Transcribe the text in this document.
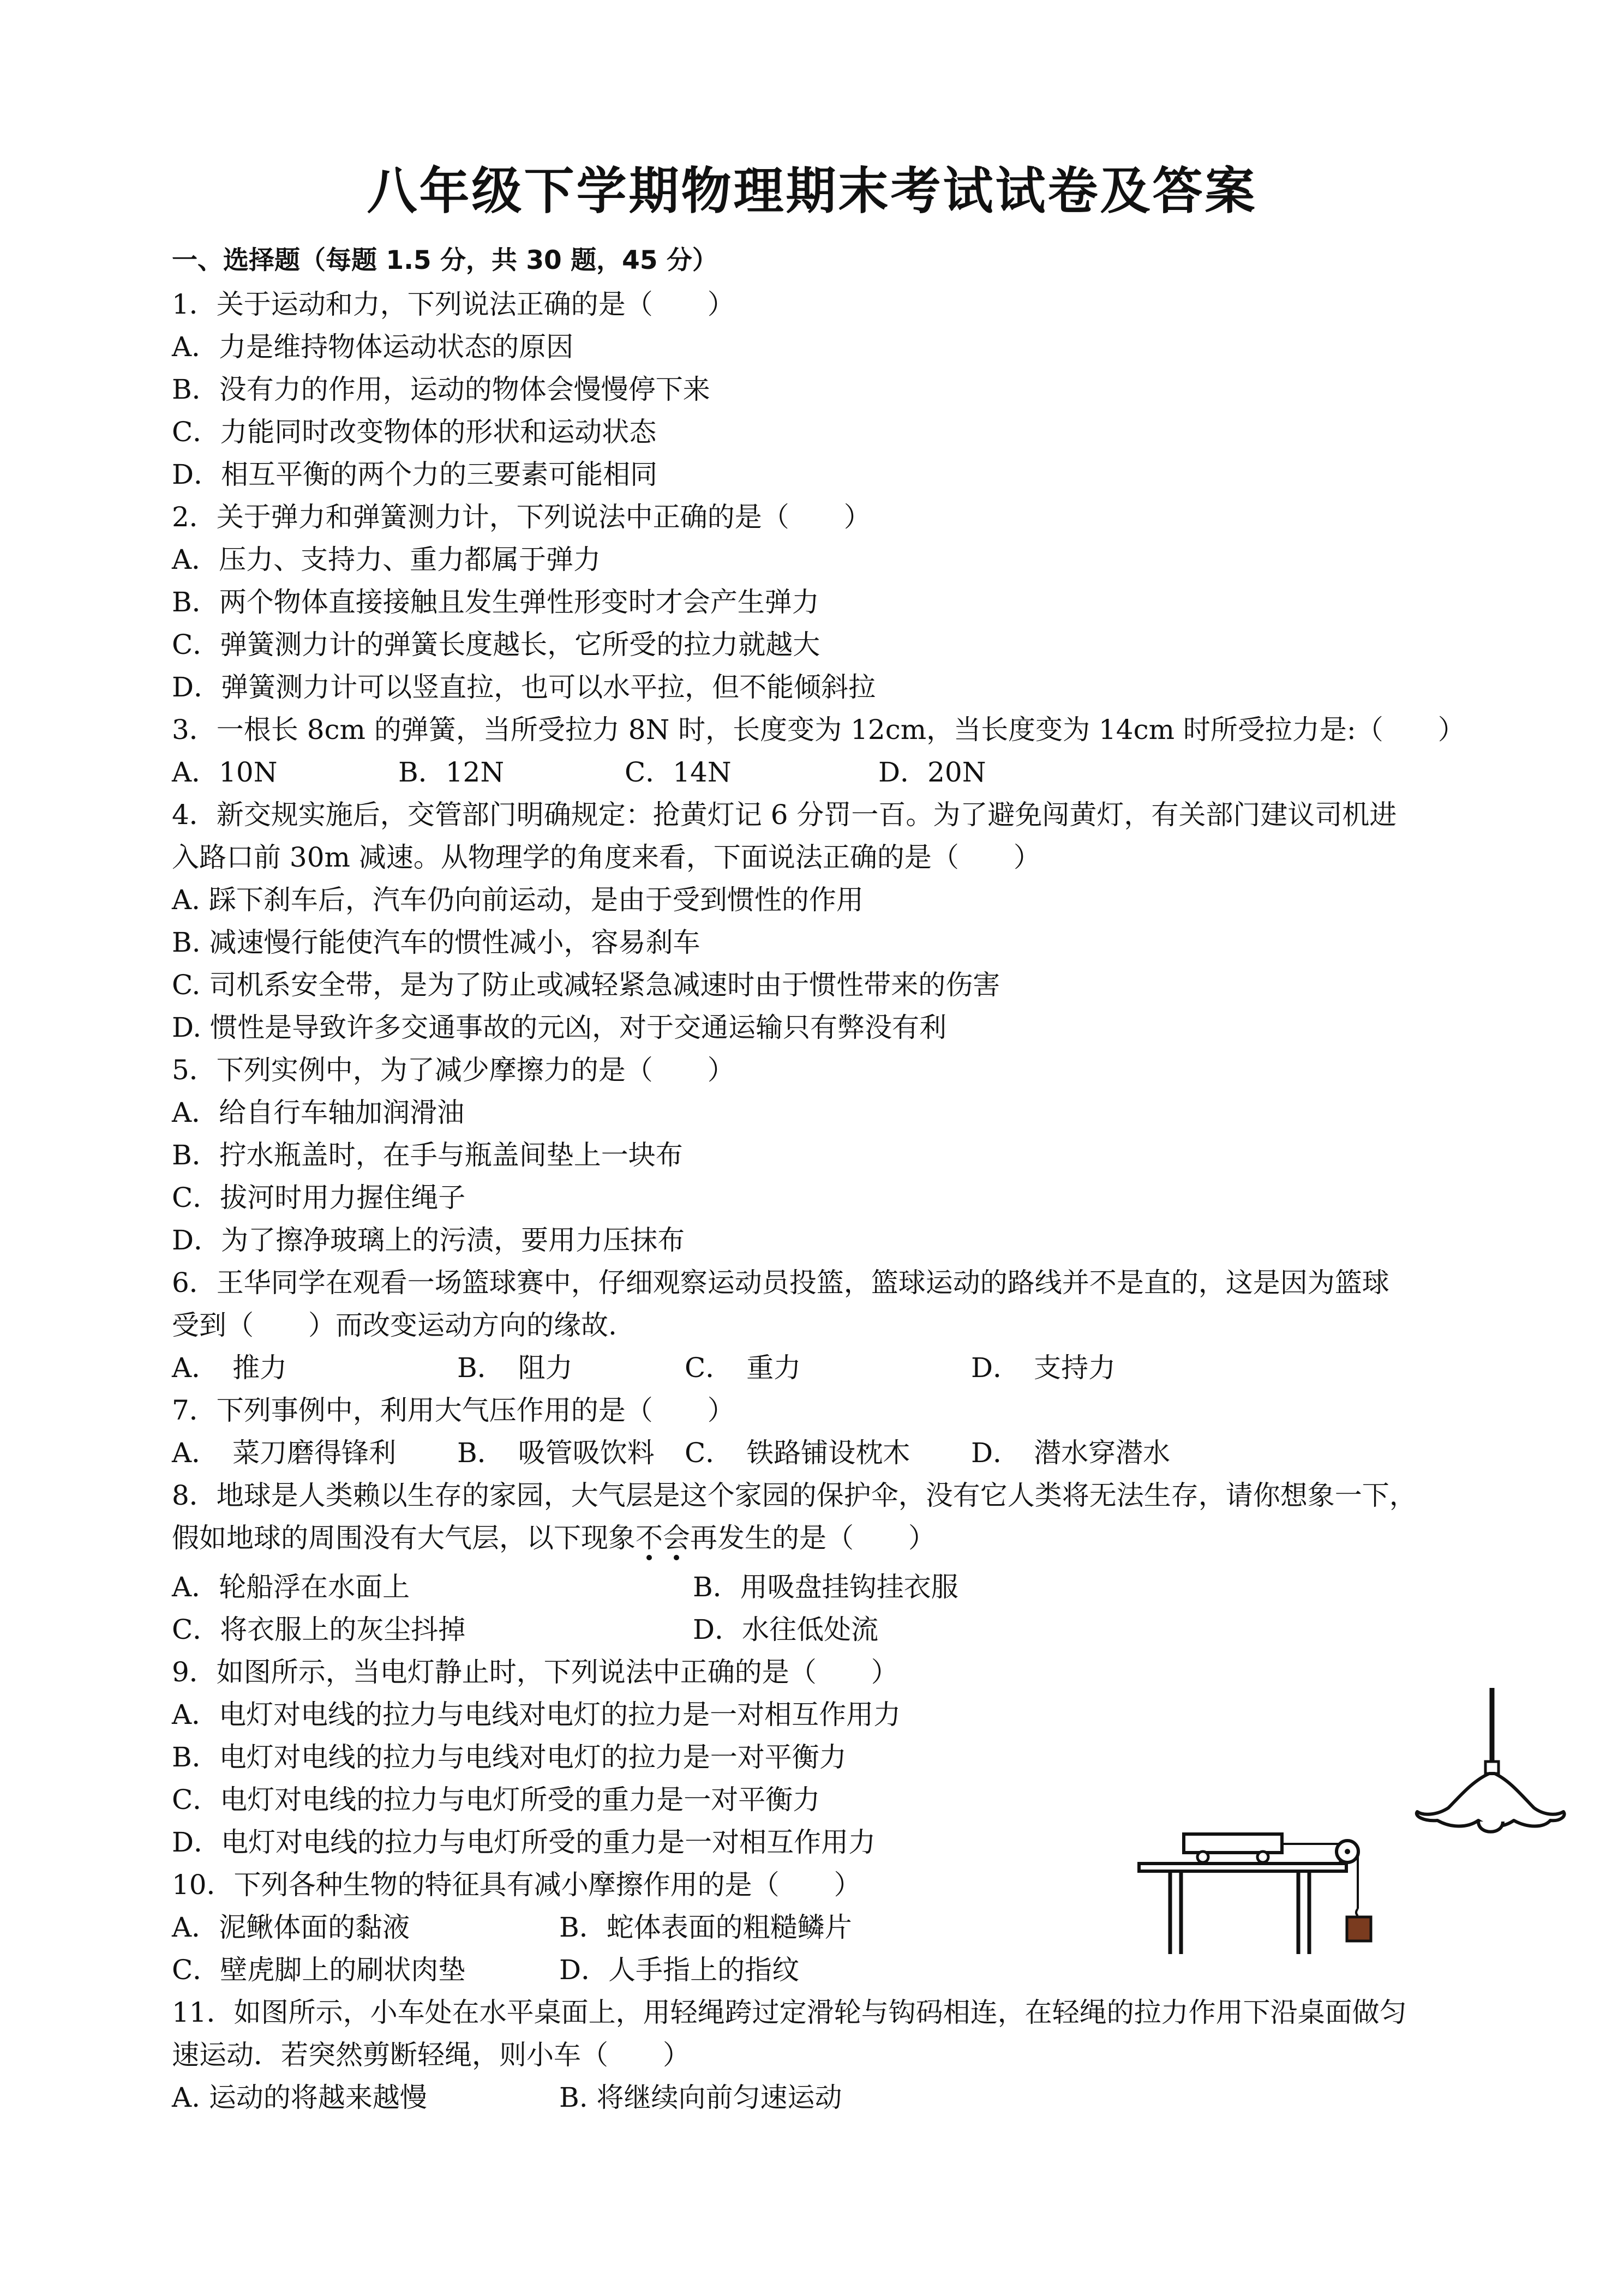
八年级下学期物理期末考试试卷及答案
一、选择题（每题 1.5 分，共 30 题，45 分）
1．关于运动和力，下列说法正确的是（　　）
A．力是维持物体运动状态的原因
B．没有力的作用，运动的物体会慢慢停下来
C．力能同时改变物体的形状和运动状态
D．相互平衡的两个力的三要素可能相同
2．关于弹力和弹簧测力计，下列说法中正确的是（　　）
A．压力、支持力、重力都属于弹力
B．两个物体直接接触且发生弹性形变时才会产生弹力
C．弹簧测力计的弹簧长度越长，它所受的拉力就越大
D．弹簧测力计可以竖直拉，也可以水平拉，但不能倾斜拉
3．一根长 8cm 的弹簧，当所受拉力 8N 时，长度变为 12cm，当长度变为 14cm 时所受拉力是:（　　）
A．10N	B．12N	C．14N	D．20N
4．新交规实施后，交管部门明确规定：抢黄灯记 6 分罚一百。为了避免闯黄灯，有关部门建议司机进
入路口前 30m 减速。从物理学的角度来看，下面说法正确的是（　　）
A. 踩下刹车后，汽车仍向前运动，是由于受到惯性的作用
B. 减速慢行能使汽车的惯性减小，容易刹车
C. 司机系安全带，是为了防止或减轻紧急减速时由于惯性带来的伤害
D. 惯性是导致许多交通事故的元凶，对于交通运输只有弊没有利
5．下列实例中，为了减少摩擦力的是（　　）
A．给自行车轴加润滑油
B．拧水瓶盖时，在手与瓶盖间垫上一块布
C．拔河时用力握住绳子
D．为了擦净玻璃上的污渍，要用力压抹布
6．王华同学在观看一场篮球赛中，仔细观察运动员投篮，篮球运动的路线并不是直的，这是因为篮球
受到（　　）而改变运动方向的缘故.
A．　推力	B．　阻力	C．　重力	D．　支持力
7．下列事例中，利用大气压作用的是（　　）
A．　菜刀磨得锋利 B．　吸管吸饮料 C．　铁路铺设枕木 D．　潜水穿潜水
8．地球是人类赖以生存的家园，大气层是这个家园的保护伞，没有它人类将无法生存，请你想象一下，
假如地球的周围没有大气层，以下现象不会
再发生的是（　　）
A．轮船浮在水面上	B．用吸盘挂钩挂衣服
C．将衣服上的灰尘抖掉	D．水往低处流
9．如图所示，当电灯静止时，下列说法中正确的是（　　）
A．电灯对电线的拉力与电线对电灯的拉力是一对相互作用力
B．电灯对电线的拉力与电线对电灯的拉力是一对平衡力
C．电灯对电线的拉力与电灯所受的重力是一对平衡力
D．电灯对电线的拉力与电灯所受的重力是一对相互作用力
10．下列各种生物的特征具有减小摩擦作用的是（　　）
A．泥鳅体面的黏液	B．蛇体表面的粗糙鳞片
C．壁虎脚上的刷状肉垫	D．人手指上的指纹
11．如图所示，小车处在水平桌面上，用轻绳跨过定滑轮与钩码相连，在轻绳的拉力作用下沿桌面做匀
速运动．若突然剪断轻绳，则小车（　　）
A. 运动的将越来越慢	B. 将继续向前匀速运动
